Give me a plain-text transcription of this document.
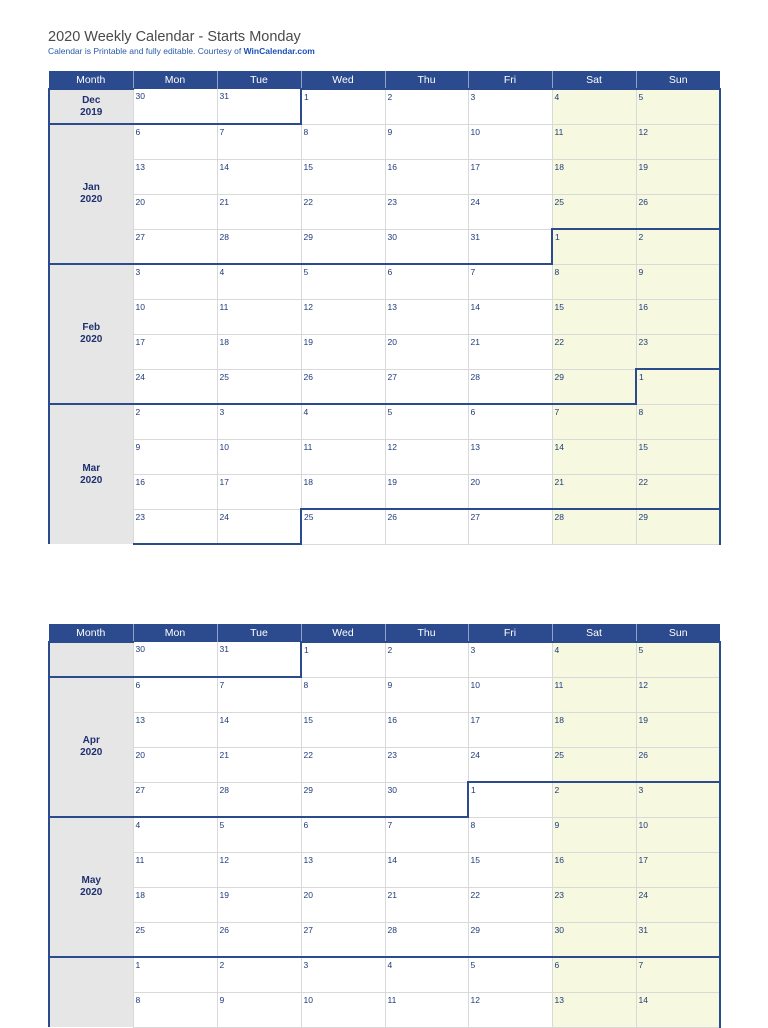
2020 Weekly Calendar - Starts Monday
Calendar is Printable and fully editable. Courtesy of WinCalendar.com
Month	Mon	Tue	Wed	Thu	Fri	Sat	Sun

Dec
2019	30	31	1	2	3	4	5

Jan
2020	6	7	8	9	10	11	12
	13	14	15	16	17	18	19
	20	21	22	23	24	25	26
	27	28	29	30	31	1	2

Feb
2020	3	4	5	6	7	8	9
	10	11	12	13	14	15	16
	17	18	19	20	21	22	23
	24	25	26	27	28	29	1

Mar
2020	2	3	4	5	6	7	8
	9	10	11	12	13	14	15
	16	17	18	19	20	21	22
	23	24	25	26	27	28	29
Month	Mon	Tue	Wed	Thu	Fri	Sat	Sun

	30	31	1	2	3	4	5

Apr
2020	6	7	8	9	10	11	12
	13	14	15	16	17	18	19
	20	21	22	23	24	25	26
	27	28	29	30	1	2	3

May
2020	4	5	6	7	8	9	10
	11	12	13	14	15	16	17
	18	19	20	21	22	23	24
	25	26	27	28	29	30	31

	1	2	3	4	5	6	7
	8	9	10	11	12	13	14
